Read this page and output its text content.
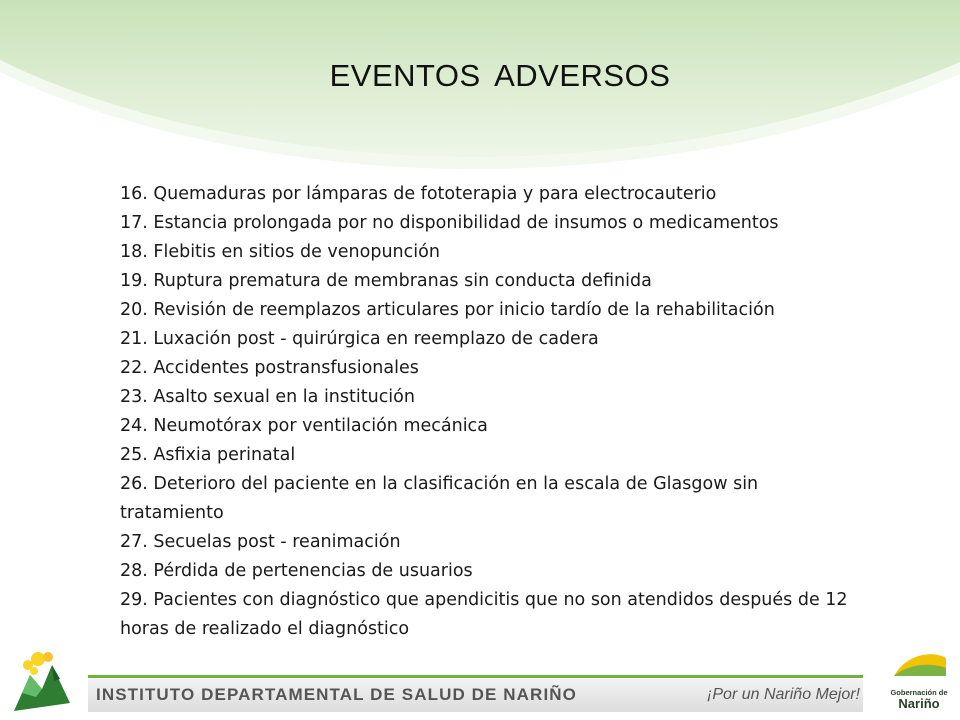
EVENTOS ADVERSOS
16. Quemaduras por lámparas de fototerapia y para electrocauterio
17. Estancia prolongada por no disponibilidad de insumos o medicamentos
18. Flebitis en sitios de venopunción
19. Ruptura prematura de membranas sin conducta definida
20. Revisión de reemplazos articulares por inicio tardío de la rehabilitación
21. Luxación post - quirúrgica en reemplazo de cadera
22. Accidentes postransfusionales
23. Asalto sexual en la institución
24. Neumotórax por ventilación mecánica
25. Asfixia perinatal
26. Deterioro del paciente en la clasificación en la escala de Glasgow sin tratamiento
27. Secuelas post - reanimación
28. Pérdida de pertenencias de usuarios
29. Pacientes con diagnóstico que apendicitis que no son atendidos después de 12 horas de realizado el diagnóstico
INSTITUTO DEPARTAMENTAL DE SALUD DE NARIÑO	¡Por un Nariño Mejor!	Gobernación de
Nariño
